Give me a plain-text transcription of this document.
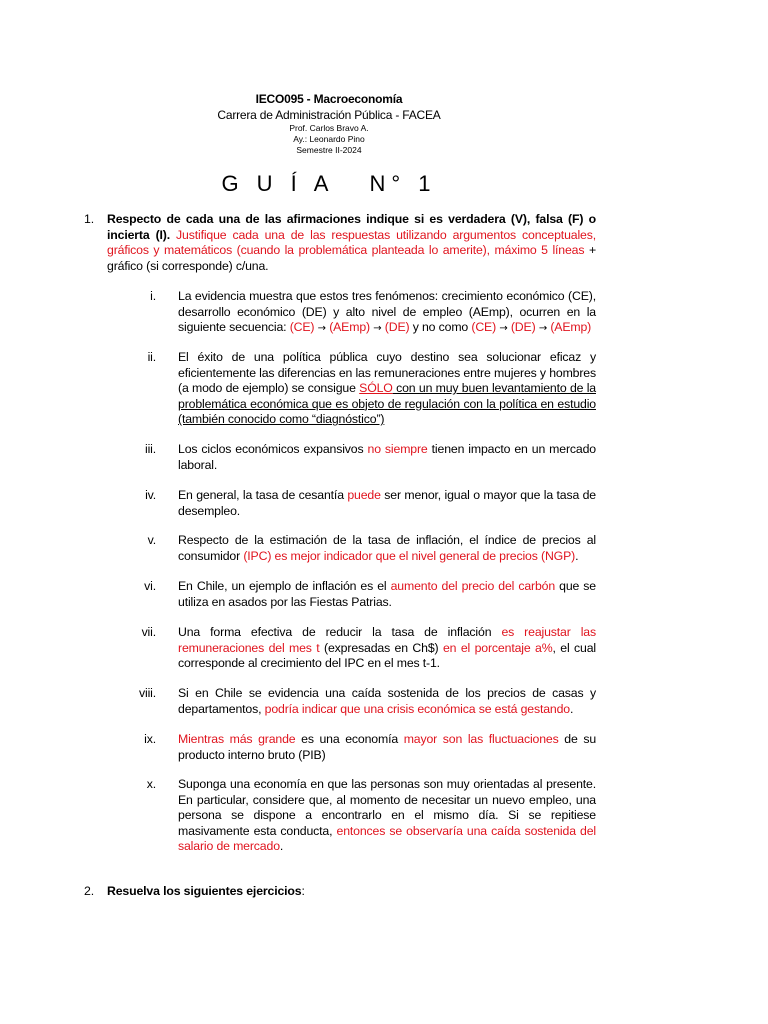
IECO095 - Macroeconomía
Carrera de Administración Pública - FACEA
Prof. Carlos Bravo A.
Ay.: Leonardo Pino
Semestre II-2024
G U Í A   N° 1
1. Respecto de cada una de las afirmaciones indique si es verdadera (V), falsa (F) o incierta (I). Justifique cada una de las respuestas utilizando argumentos conceptuales, gráficos y matemáticos (cuando la problemática planteada lo amerite), máximo 5 líneas + gráfico (si corresponde) c/una.
i. La evidencia muestra que estos tres fenómenos: crecimiento económico (CE), desarrollo económico (DE) y alto nivel de empleo (AEmp), ocurren en la siguiente secuencia: (CE) → (AEmp) → (DE) y no como (CE) → (DE) → (AEmp)
ii. El éxito de una política pública cuyo destino sea solucionar eficaz y eficientemente las diferencias en las remuneraciones entre mujeres y hombres (a modo de ejemplo) se consigue SÓLO con un muy buen levantamiento de la problemática económica que es objeto de regulación con la política en estudio (también conocido como “diagnóstico”)
iii. Los ciclos económicos expansivos no siempre tienen impacto en un mercado laboral.
iv. En general, la tasa de cesantía puede ser menor, igual o mayor que la tasa de desempleo.
v. Respecto de la estimación de la tasa de inflación, el índice de precios al consumidor (IPC) es mejor indicador que el nivel general de precios (NGP).
vi. En Chile, un ejemplo de inflación es el aumento del precio del carbón que se utiliza en asados por las Fiestas Patrias.
vii. Una forma efectiva de reducir la tasa de inflación es reajustar las remuneraciones del mes t (expresadas en Ch$) en el porcentaje a%, el cual corresponde al crecimiento del IPC en el mes t-1.
viii. Si en Chile se evidencia una caída sostenida de los precios de casas y departamentos, podría indicar que una crisis económica se está gestando.
ix. Mientras más grande es una economía mayor son las fluctuaciones de su producto interno bruto (PIB)
x. Suponga una economía en que las personas son muy orientadas al presente. En particular, considere que, al momento de necesitar un nuevo empleo, una persona se dispone a encontrarlo en el mismo día. Si se repitiese masivamente esta conducta, entonces se observaría una caída sostenida del salario de mercado.
2. Resuelva los siguientes ejercicios:
